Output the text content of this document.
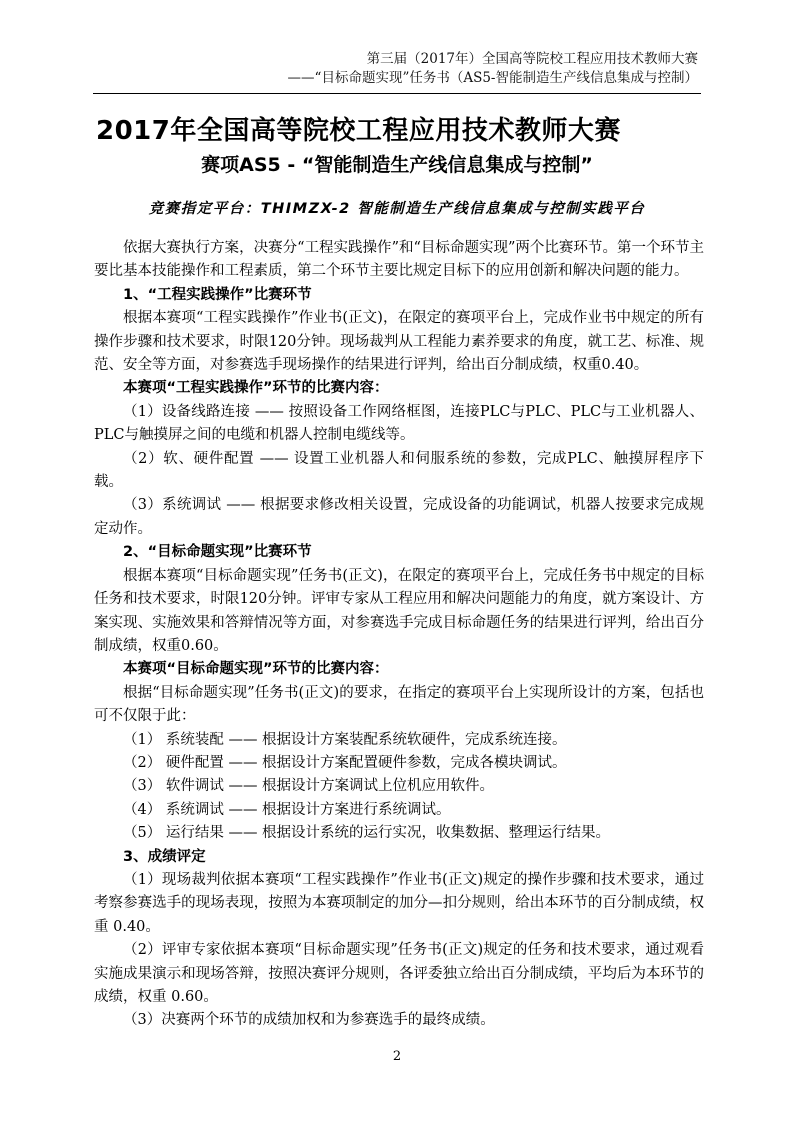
第三届（2017年）全国高等院校工程应用技术教师大赛
——“目标命题实现”任务书（AS5-智能制造生产线信息集成与控制）
2017年全国高等院校工程应用技术教师大赛
赛项AS5 - “智能制造生产线信息集成与控制”
竞赛指定平台：THIMZX-2 智能制造生产线信息集成与控制实践平台

依据大赛执行方案，决赛分“工程实践操作”和“目标命题实现”两个比赛环节。第一个环节主要比基本技能操作和工程素质，第二个环节主要比规定目标下的应用创新和解决问题的能力。

1、“工程实践操作”比赛环节

根据本赛项“工程实践操作”作业书(正文)，在限定的赛项平台上，完成作业书中规定的所有操作步骤和技术要求，时限120分钟。现场裁判从工程能力素养要求的角度，就工艺、标准、规范、安全等方面，对参赛选手现场操作的结果进行评判，给出百分制成绩，权重0.40。

本赛项“工程实践操作”环节的比赛内容：

（1）设备线路连接 —— 按照设备工作网络框图，连接PLC与PLC、PLC与工业机器人、PLC与触摸屏之间的电缆和机器人控制电缆线等。

（2）软、硬件配置 —— 设置工业机器人和伺服系统的参数，完成PLC、触摸屏程序下载。

（3）系统调试 —— 根据要求修改相关设置，完成设备的功能调试，机器人按要求完成规定动作。

2、“目标命题实现”比赛环节

根据本赛项“目标命题实现”任务书(正文)，在限定的赛项平台上，完成任务书中规定的目标任务和技术要求，时限120分钟。评审专家从工程应用和解决问题能力的角度，就方案设计、方案实现、实施效果和答辩情况等方面，对参赛选手完成目标命题任务的结果进行评判，给出百分制成绩，权重0.60。

本赛项“目标命题实现”环节的比赛内容：

根据“目标命题实现”任务书(正文)的要求，在指定的赛项平台上实现所设计的方案，包括也可不仅限于此：

（1） 系统装配 —— 根据设计方案装配系统软硬件，完成系统连接。

（2） 硬件配置 —— 根据设计方案配置硬件参数，完成各模块调试。

（3） 软件调试 —— 根据设计方案调试上位机应用软件。

（4） 系统调试 —— 根据设计方案进行系统调试。

（5） 运行结果 —— 根据设计系统的运行实况，收集数据、整理运行结果。

3、成绩评定

（1）现场裁判依据本赛项“工程实践操作”作业书(正文)规定的操作步骤和技术要求，通过考察参赛选手的现场表现，按照为本赛项制定的加分—扣分规则，给出本环节的百分制成绩，权重 0.40。

（2）评审专家依据本赛项“目标命题实现”任务书(正文)规定的任务和技术要求，通过观看实施成果演示和现场答辩，按照决赛评分规则，各评委独立给出百分制成绩，平均后为本环节的成绩，权重 0.60。

（3）决赛两个环节的成绩加权和为参赛选手的最终成绩。

2
